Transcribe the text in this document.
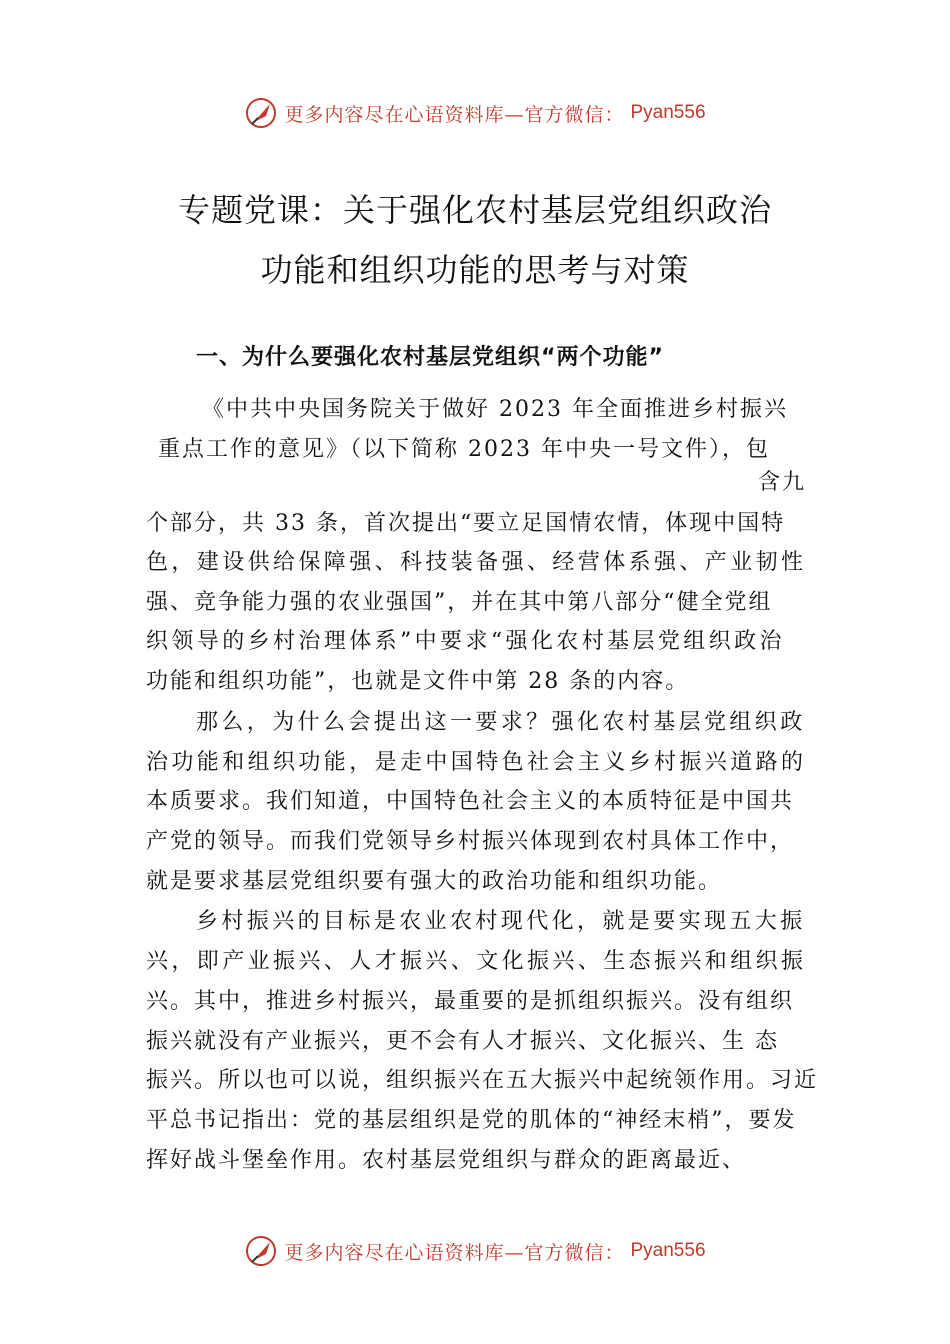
更多内容尽在心语资料库—官方微信： Pyan556
专题党课：关于强化农村基层党组织政治
功能和组织功能的思考与对策
一、为什么要强化农村基层党组织“两个功能”
《中共中央国务院关于做好 2023 年全面推进乡村振兴
重点工作的意见》（以下简称 2023 年中央一号文件），包
含九
个部分，共 33 条，首次提出“要立足国情农情，体现中国特
色，建设供给保障强、科技装备强、经营体系强、产业韧性
强、竞争能力强的农业强国”，并在其中第八部分“健全党组
织领导的乡村治理体系”中要求“强化农村基层党组织政治
功能和组织功能”，也就是文件中第 28 条的内容。
那么，为什么会提出这一要求？强化农村基层党组织政
治功能和组织功能，是走中国特色社会主义乡村振兴道路的
本质要求。我们知道，中国特色社会主义的本质特征是中国共
产党的领导。而我们党领导乡村振兴体现到农村具体工作中，
就是要求基层党组织要有强大的政治功能和组织功能。
乡村振兴的目标是农业农村现代化，就是要实现五大振
兴，即产业振兴、人才振兴、文化振兴、生态振兴和组织振
兴。其中，推进乡村振兴，最重要的是抓组织振兴。没有组织
振兴就没有产业振兴，更不会有人才振兴、文化振兴、生 态
振兴。所以也可以说，组织振兴在五大振兴中起统领作用。习近
平总书记指出：党的基层组织是党的肌体的“神经末梢”，要发
挥好战斗堡垒作用。农村基层党组织与群众的距离最近、
更多内容尽在心语资料库—官方微信： Pyan556
